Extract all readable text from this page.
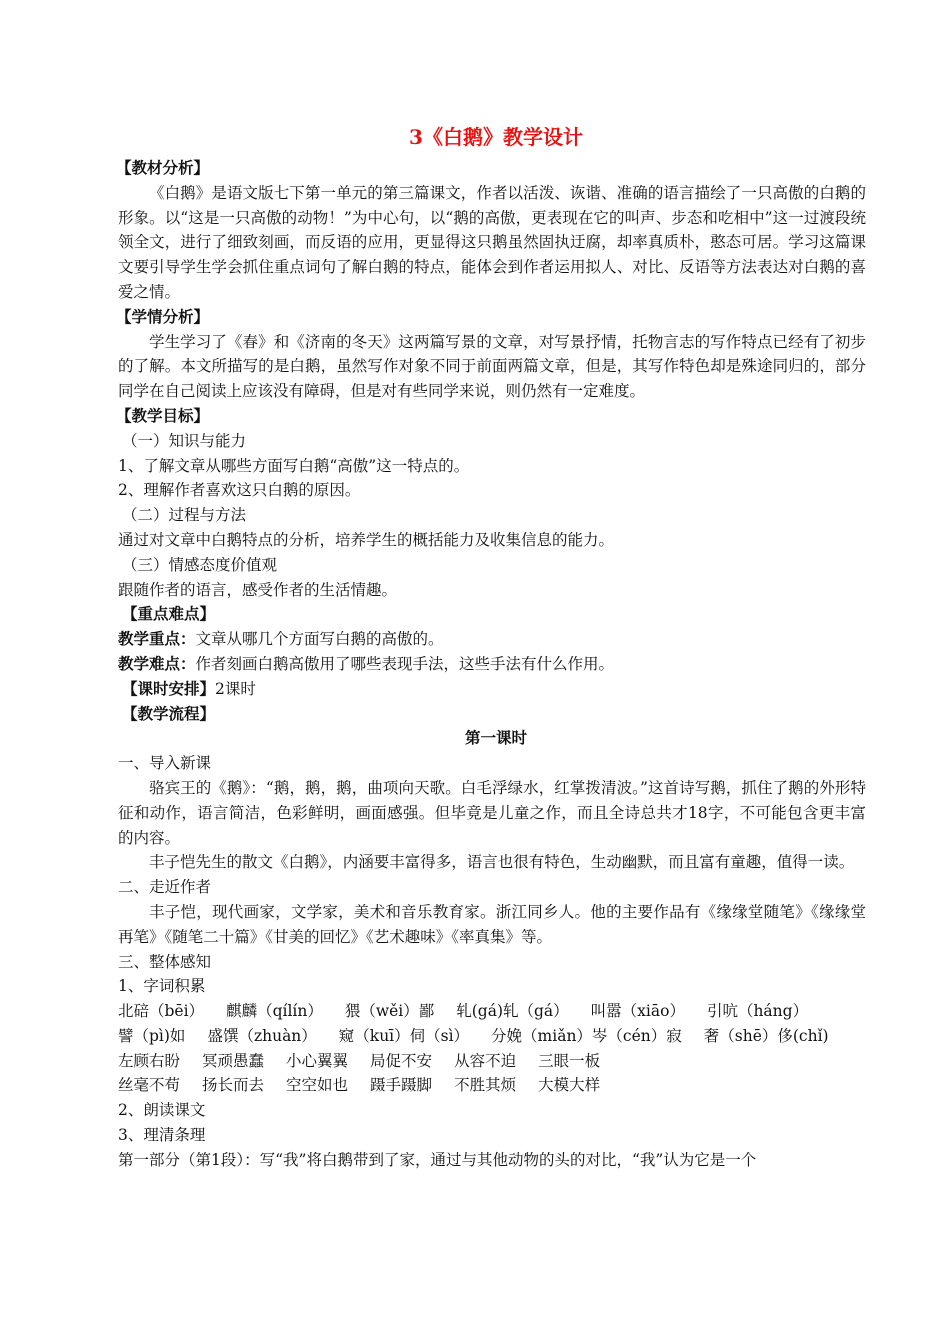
3《白鹅》教学设计
【教材分析】
《白鹅》是语文版七下第一单元的第三篇课文，作者以活泼、诙谐、准确的语言描绘了一只高傲的白鹅的形象。以“这是一只高傲的动物！”为中心句，以“鹅的高傲，更表现在它的叫声、步态和吃相中”这一过渡段统领全文，进行了细致刻画，而反语的应用，更显得这只鹅虽然固执迂腐，却率真质朴，憨态可居。学习这篇课文要引导学生学会抓住重点词句了解白鹅的特点，能体会到作者运用拟人、对比、反语等方法表达对白鹅的喜爱之情。
【学情分析】
学生学习了《春》和《济南的冬天》这两篇写景的文章，对写景抒情，托物言志的写作特点已经有了初步的了解。本文所描写的是白鹅，虽然写作对象不同于前面两篇文章，但是，其写作特色却是殊途同归的，部分同学在自己阅读上应该没有障碍，但是对有些同学来说，则仍然有一定难度。
【教学目标】
（一）知识与能力
1、了解文章从哪些方面写白鹅“高傲”这一特点的。
2、理解作者喜欢这只白鹅的原因。
（二）过程与方法
通过对文章中白鹅特点的分析，培养学生的概括能力及收集信息的能力。
（三）情感态度价值观
跟随作者的语言，感受作者的生活情趣。
【重点难点】
教学重点：文章从哪几个方面写白鹅的高傲的。
教学难点：作者刻画白鹅高傲用了哪些表现手法，这些手法有什么作用。
【课时安排】2课时
【教学流程】
第一课时
一、导入新课
骆宾王的《鹅》：“鹅，鹅，鹅，曲项向天歌。白毛浮绿水，红掌拨清波。”这首诗写鹅，抓住了鹅的外形特征和动作，语言简洁，色彩鲜明，画面感强。但毕竟是儿童之作，而且全诗总共才18字，不可能包含更丰富的内容。
丰子恺先生的散文《白鹅》，内涵要丰富得多，语言也很有特色，生动幽默，而且富有童趣，值得一读。
二、走近作者
丰子恺，现代画家，文学家，美术和音乐教育家。浙江同乡人。他的主要作品有《缘缘堂随笔》《缘缘堂再笔》《随笔二十篇》《甘美的回忆》《艺术趣味》《率真集》等。
三、整体感知
1、字词积累
北碚（bēi） 麒麟（qílín） 猥（wěi）鄙 轧(gá)轧（gá） 叫嚣（xiāo） 引吭（háng）
譬（pì)如 盛馔（zhuàn） 窥（kuī）伺（sì） 分娩（miǎn）岑（cén）寂 奢（shē）侈(chǐ)
左顾右盼 冥顽愚蠢 小心翼翼 局促不安 从容不迫 三眼一板
丝毫不苟 扬长而去 空空如也 蹑手蹑脚 不胜其烦 大模大样
2、朗读课文
3、理清条理
第一部分（第1段）：写“我”将白鹅带到了家，通过与其他动物的头的对比，“我”认为它是一个
